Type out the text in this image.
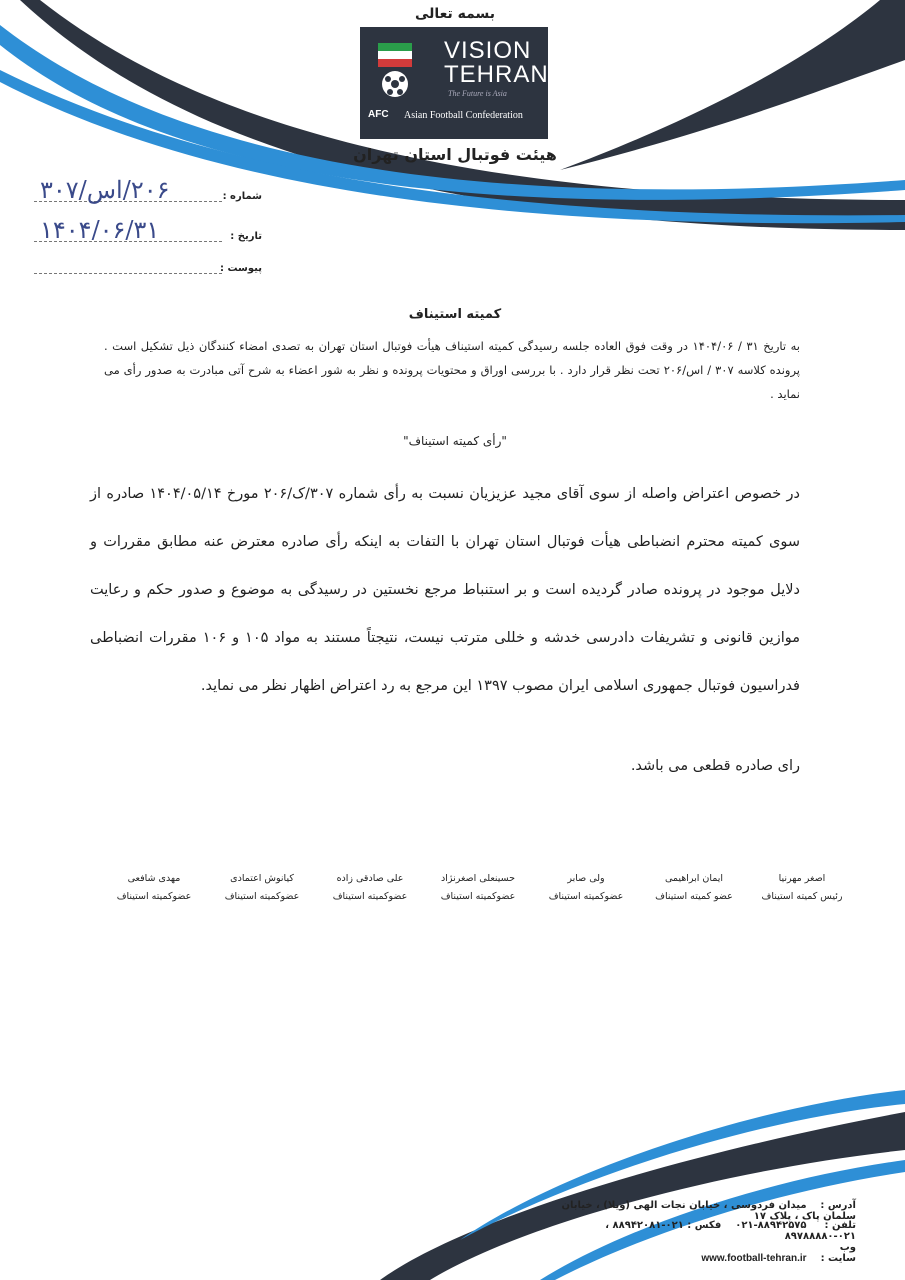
بسمه تعالی
VISION
TEHRAN
The Future is Asia
AFC Asian Football Confederation
هیئت فوتبال استان تهران
۲۰۶/اس/۳۰۷	شماره :
۱۴۰۴/۰۶/۳۱	تاریخ :
پیوست :
کمیته استیناف
به تاریخ ۳۱ / ۱۴۰۴/۰۶ در وقت فوق العاده جلسه رسیدگی کمیته استیناف هیأت فوتبال استان تهران به تصدی امضاء کنندگان ذیل تشکیل است . پرونده کلاسه ۳۰۷ / اس/۲۰۶ تحت نظر قرار دارد . با بررسی اوراق و محتویات پرونده و نظر به شور اعضاء به شرح آتی مبادرت به صدور رأی می نماید .
"رأی کمیته استیناف"

در خصوص اعتراض واصله از سوی آقای مجید عزیزیان نسبت به رأی شماره ۳۰۷/ک/۲۰۶ مورخ ۱۴۰۴/۰۵/۱۴ صادره از سوی کمیته محترم انضباطی هیأت فوتبال استان تهران با التفات به اینکه رأی صادره معترض عنه مطابق مقررات و دلایل موجود در پرونده صادر گردیده است و بر استنباط مرجع نخستین در رسیدگی به موضوع و صدور حکم و رعایت موازین قانونی و تشریفات دادرسی خدشه و خللی مترتب نیست، نتیجتاً مستند به مواد ۱۰۵ و ۱۰۶ مقررات انضباطی فدراسیون فوتبال جمهوری اسلامی ایران مصوب ۱۳۹۷ این مرجع به رد اعتراض اظهار نظر می نماید.

رای صادره قطعی می باشد.
اصغر مهرنیا
رئیس کمیته استیناف
ایمان ابراهیمی
عضو کمیته استیناف
ولی صابر
عضوکمیته استیناف
حسینعلی اصغرنژاد
عضوکمیته استیناف
علی صادقی زاده
عضوکمیته استیناف
کیانوش اعتمادی
عضوکمیته استیناف
مهدی شافعی
عضوکمیته استیناف
آدرس : میدان فردوسی ، خیابان نجات الهی (ویلا) ، خیابان سلمان پاک ، پلاک ۱۷
تلفن : ۰۲۱-۸۸۹۴۲۵۷۵    فکس : ۰۲۱-۸۸۹۴۲۰۸۱ ، ۰۲۱-۸۹۷۸۸۸۸۰
وب سایت : www.football-tehran.ir
